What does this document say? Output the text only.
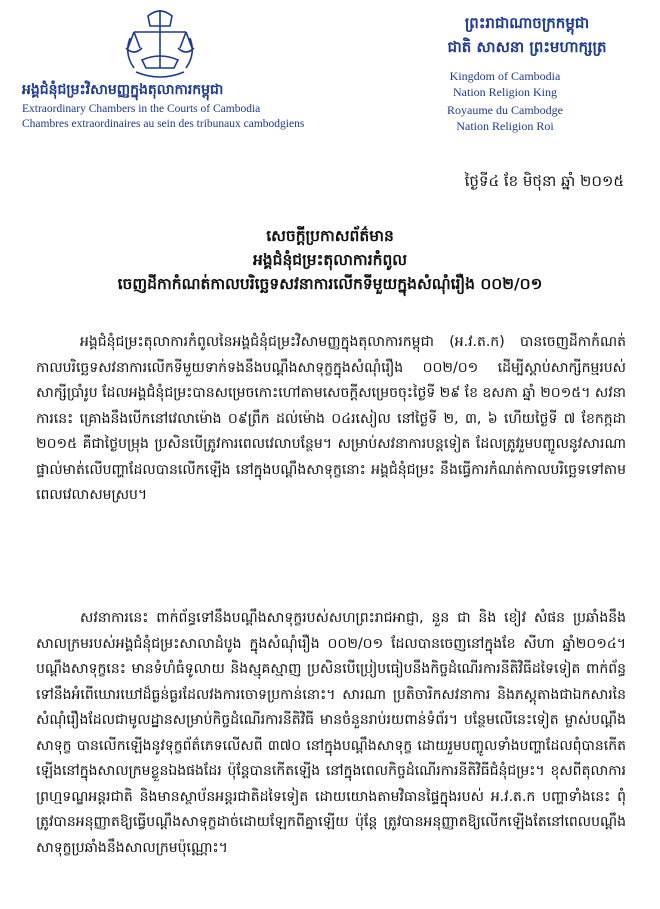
អង្គជំនុំជម្រះវិសាមញ្ញក្នុងតុលាការកម្ពុជា
Extraordinary Chambers in the Courts of Cambodia
Chambres extraordinaires au sein des tribunaux cambodgiens
ព្រះរាជាណាចក្រកម្ពុជា
ជាតិ សាសនា ព្រះមហាក្សត្រ
Kingdom of Cambodia
Nation Religion King
Royaume du Cambodge
Nation Religion Roi
ថ្ងៃទី៤ ខែ មិថុនា ឆ្នាំ ២០១៥
សេចក្តីប្រកាសព័ត៌មាន
អង្គជំនុំជម្រះតុលាការកំពូល
ចេញដីកាកំណត់កាលបរិច្ឆេទសវនាការលើកទីមួយក្នុងសំណុំរឿង ០០២/០១

អង្គជំនុំជម្រះតុលាការកំពូលនៃអង្គជំនុំជម្រះវិសាមញ្ញក្នុងតុលាការកម្ពុជា (អ.វ.ត.ក) បានចេញដីកាកំណត់កាលបរិច្ឆេទសវនាការលើកទីមួយទាក់ទងនឹងបណ្តឹងសាទុក្ខក្នុងសំណុំរឿង ០០២/០១ ដើម្បីស្តាប់សាក្សីកម្មរបស់សាក្សីប្រាំរូប ដែលអង្គជំនុំជម្រះបានសម្រេចកោះហៅតាមសេចក្តីសម្រេចចុះថ្ងៃទី ២៩ ខែ ឧសភា ឆ្នាំ ២០១៥។ សវនាការនេះ គ្រោងនឹងបើកនៅវេលាម៉ោង ០៩ព្រឹក ដល់ម៉ោង ០៤រសៀល នៅថ្ងៃទី ២, ៣, ៦ ហើយថ្ងៃទី ៧ ខែកក្កដា ២០១៥ គឺជាថ្ងៃបម្រុង ប្រសិនបើត្រូវការពេលវេលាបន្ថែម។ សម្រាប់សវនាការបន្តទៀត ដែលត្រូវរួមបញ្ចូលនូវសារណាផ្ទាល់មាត់លើបញ្ហាដែលបានលើកឡើង នៅក្នុងបណ្តឹងសាទុក្ខនោះ អង្គជំនុំជម្រះ នឹងធ្វើការកំណត់កាលបរិច្ឆេទទៅតាមពេលវេលាសមស្រប។

សវនាការនេះ ពាក់ព័ន្ធទៅនឹងបណ្តឹងសាទុក្ខរបស់សហព្រះរាជអាជ្ញា, នួន ជា និង ខៀវ សំផន ប្រឆាំងនឹងសាលក្រមរបស់អង្គជំនុំជម្រះសាលាដំបូង ក្នុងសំណុំរឿង ០០២/០១ ដែលបានចេញនៅក្នុងខែ សីហា ឆ្នាំ២០១៤។ បណ្តឹងសាទុក្ខនេះ មានទំហំធំទូលាយ និងស្មុគស្មាញ ប្រសិនបើប្រៀបធៀបនឹងកិច្ចដំណើរការនីតិវិធីដទៃទៀត ពាក់ព័ន្ធទៅនឹងអំពើឃោរឃៅដ៏ធ្ងន់ធ្ងរដែលវងការចោទប្រកាន់នោះ។ សារណា ប្រតិចារិកសវនាការ និងភស្តុតាងជាឯកសារនៃសំណុំរឿងដែលជាមូលដ្ឋានសម្រាប់កិច្ចដំណើរការនីតិវិធី មានចំនួនរាប់រយពាន់ទំព័រ។ បន្ថែមលើនេះទៀត ម្ចាស់បណ្តឹងសាទុក្ខ បានលើកឡើងនូវទុក្ខព័ត៌ភេទលើសពី ៣៧០ នៅក្នុងបណ្តឹងសាទុក្ខ ដោយរួមបញ្ចូលទាំងបញ្ហាដែលពុំបានកើតឡើងនៅក្នុងសាលក្រមខ្លួនឯងផងដែរ ប៉ុន្តែបានកើតឡើង នៅក្នុងពេលកិច្ចដំណើរការនីតិវិធីជំនុំជម្រះ។ ខុសពីតុលាការព្រហ្មទណ្ឌអន្តរជាតិ និងមានស្ថាប័នអន្តរជាតិដទៃទៀត ដោយយោងតាមវិធានផ្ទៃក្នុងរបស់ អ.វ.ត.ក បញ្ហាទាំងនេះ ពុំត្រូវបានអនុញ្ញាតឱ្យធ្វើបណ្តឹងសាទុក្ខដាច់ដោយឡែកពីគ្នាឡើយ ប៉ុន្តែ ត្រូវបានអនុញ្ញាតឱ្យលើកឡើងតែនៅពេលបណ្តឹងសាទុក្ខប្រឆាំងនឹងសាលក្រមប៉ុណ្ណោះ។
